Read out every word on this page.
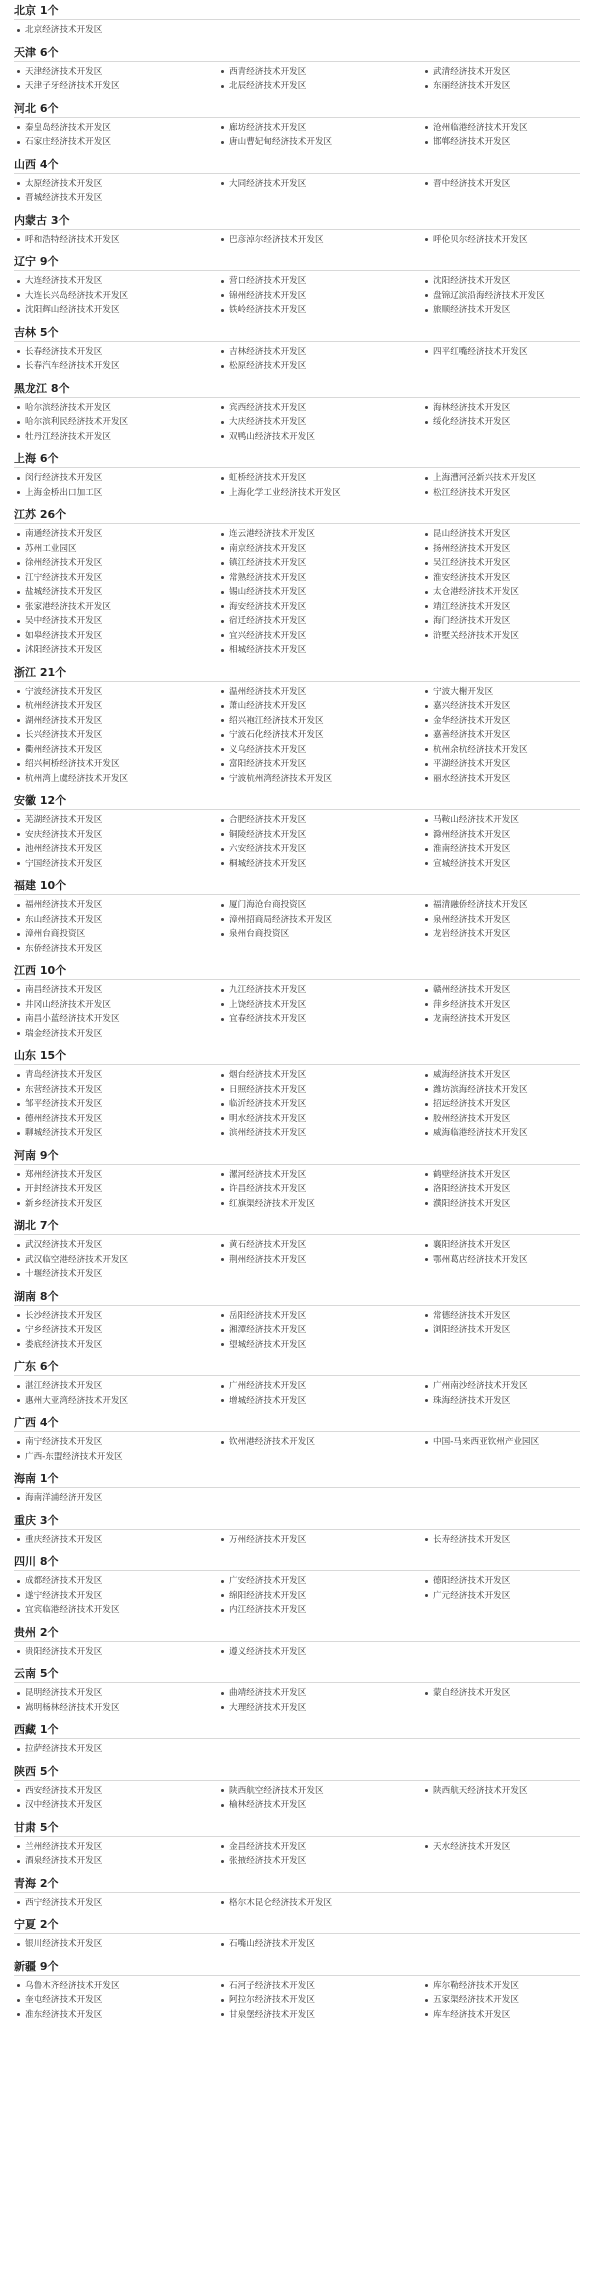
北京 1个
北京经济技术开发区
天津 6个
天津经济技术开发区	西青经济技术开发区	武清经济技术开发区
天津子牙经济技术开发区	北辰经济技术开发区	东丽经济技术开发区
河北 6个
秦皇岛经济技术开发区	廊坊经济技术开发区	沧州临港经济技术开发区
石家庄经济技术开发区	唐山曹妃甸经济技术开发区	邯郸经济技术开发区
山西 4个
太原经济技术开发区	大同经济技术开发区	晋中经济技术开发区
晋城经济技术开发区
内蒙古 3个
呼和浩特经济技术开发区	巴彦淖尔经济技术开发区	呼伦贝尔经济技术开发区
辽宁 9个
大连经济技术开发区	营口经济技术开发区	沈阳经济技术开发区
大连长兴岛经济技术开发区	锦州经济技术开发区	盘锦辽滨沿海经济技术开发区
沈阳辉山经济技术开发区	铁岭经济技术开发区	旅顺经济技术开发区
吉林 5个
长春经济技术开发区	吉林经济技术开发区	四平红嘴经济技术开发区
长春汽车经济技术开发区	松原经济技术开发区
黑龙江 8个
哈尔滨经济技术开发区	宾西经济技术开发区	海林经济技术开发区
哈尔滨利民经济技术开发区	大庆经济技术开发区	绥化经济技术开发区
牡丹江经济技术开发区	双鸭山经济技术开发区
上海 6个
闵行经济技术开发区	虹桥经济技术开发区	上海漕河泾新兴技术开发区
上海金桥出口加工区	上海化学工业经济技术开发区	松江经济技术开发区
江苏 26个
南通经济技术开发区	连云港经济技术开发区	昆山经济技术开发区
苏州工业园区	南京经济技术开发区	扬州经济技术开发区
徐州经济技术开发区	镇江经济技术开发区	吴江经济技术开发区
江宁经济技术开发区	常熟经济技术开发区	淮安经济技术开发区
盐城经济技术开发区	锡山经济技术开发区	太仓港经济技术开发区
张家港经济技术开发区	海安经济技术开发区	靖江经济技术开发区
吴中经济技术开发区	宿迁经济技术开发区	海门经济技术开发区
如皋经济技术开发区	宜兴经济技术开发区	浒墅关经济技术开发区
沭阳经济技术开发区	相城经济技术开发区
浙江 21个
宁波经济技术开发区	温州经济技术开发区	宁波大榭开发区
杭州经济技术开发区	萧山经济技术开发区	嘉兴经济技术开发区
湖州经济技术开发区	绍兴袍江经济技术开发区	金华经济技术开发区
长兴经济技术开发区	宁波石化经济技术开发区	嘉善经济技术开发区
衢州经济技术开发区	义乌经济技术开发区	杭州余杭经济技术开发区
绍兴柯桥经济技术开发区	富阳经济技术开发区	平湖经济技术开发区
杭州湾上虞经济技术开发区	宁波杭州湾经济技术开发区	丽水经济技术开发区
安徽 12个
芜湖经济技术开发区	合肥经济技术开发区	马鞍山经济技术开发区
安庆经济技术开发区	铜陵经济技术开发区	滁州经济技术开发区
池州经济技术开发区	六安经济技术开发区	淮南经济技术开发区
宁国经济技术开发区	桐城经济技术开发区	宣城经济技术开发区
福建 10个
福州经济技术开发区	厦门海沧台商投资区	福清融侨经济技术开发区
东山经济技术开发区	漳州招商局经济技术开发区	泉州经济技术开发区
漳州台商投资区	泉州台商投资区	龙岩经济技术开发区
东侨经济技术开发区
江西 10个
南昌经济技术开发区	九江经济技术开发区	赣州经济技术开发区
井冈山经济技术开发区	上饶经济技术开发区	萍乡经济技术开发区
南昌小蓝经济技术开发区	宜春经济技术开发区	龙南经济技术开发区
瑞金经济技术开发区
山东 15个
青岛经济技术开发区	烟台经济技术开发区	威海经济技术开发区
东营经济技术开发区	日照经济技术开发区	潍坊滨海经济技术开发区
邹平经济技术开发区	临沂经济技术开发区	招远经济技术开发区
德州经济技术开发区	明水经济技术开发区	胶州经济技术开发区
聊城经济技术开发区	滨州经济技术开发区	威海临港经济技术开发区
河南 9个
郑州经济技术开发区	漯河经济技术开发区	鹤壁经济技术开发区
开封经济技术开发区	许昌经济技术开发区	洛阳经济技术开发区
新乡经济技术开发区	红旗渠经济技术开发区	濮阳经济技术开发区
湖北 7个
武汉经济技术开发区	黄石经济技术开发区	襄阳经济技术开发区
武汉临空港经济技术开发区	荆州经济技术开发区	鄂州葛店经济技术开发区
十堰经济技术开发区
湖南 8个
长沙经济技术开发区	岳阳经济技术开发区	常德经济技术开发区
宁乡经济技术开发区	湘潭经济技术开发区	浏阳经济技术开发区
娄底经济技术开发区	望城经济技术开发区
广东 6个
湛江经济技术开发区	广州经济技术开发区	广州南沙经济技术开发区
惠州大亚湾经济技术开发区	增城经济技术开发区	珠海经济技术开发区
广西 4个
南宁经济技术开发区	钦州港经济技术开发区	中国-马来西亚钦州产业园区
广西-东盟经济技术开发区
海南 1个
海南洋浦经济开发区
重庆 3个
重庆经济技术开发区	万州经济技术开发区	长寿经济技术开发区
四川 8个
成都经济技术开发区	广安经济技术开发区	德阳经济技术开发区
遂宁经济技术开发区	绵阳经济技术开发区	广元经济技术开发区
宜宾临港经济技术开发区	内江经济技术开发区
贵州 2个
贵阳经济技术开发区	遵义经济技术开发区
云南 5个
昆明经济技术开发区	曲靖经济技术开发区	蒙自经济技术开发区
嵩明杨林经济技术开发区	大理经济技术开发区
西藏 1个
拉萨经济技术开发区
陕西 5个
西安经济技术开发区	陕西航空经济技术开发区	陕西航天经济技术开发区
汉中经济技术开发区	榆林经济技术开发区
甘肃 5个
兰州经济技术开发区	金昌经济技术开发区	天水经济技术开发区
酒泉经济技术开发区	张掖经济技术开发区
青海 2个
西宁经济技术开发区	格尔木昆仑经济技术开发区
宁夏 2个
银川经济技术开发区	石嘴山经济技术开发区
新疆 9个
乌鲁木齐经济技术开发区	石河子经济技术开发区	库尔勒经济技术开发区
奎屯经济技术开发区	阿拉尔经济技术开发区	五家渠经济技术开发区
准东经济技术开发区	甘泉堡经济技术开发区	库车经济技术开发区
